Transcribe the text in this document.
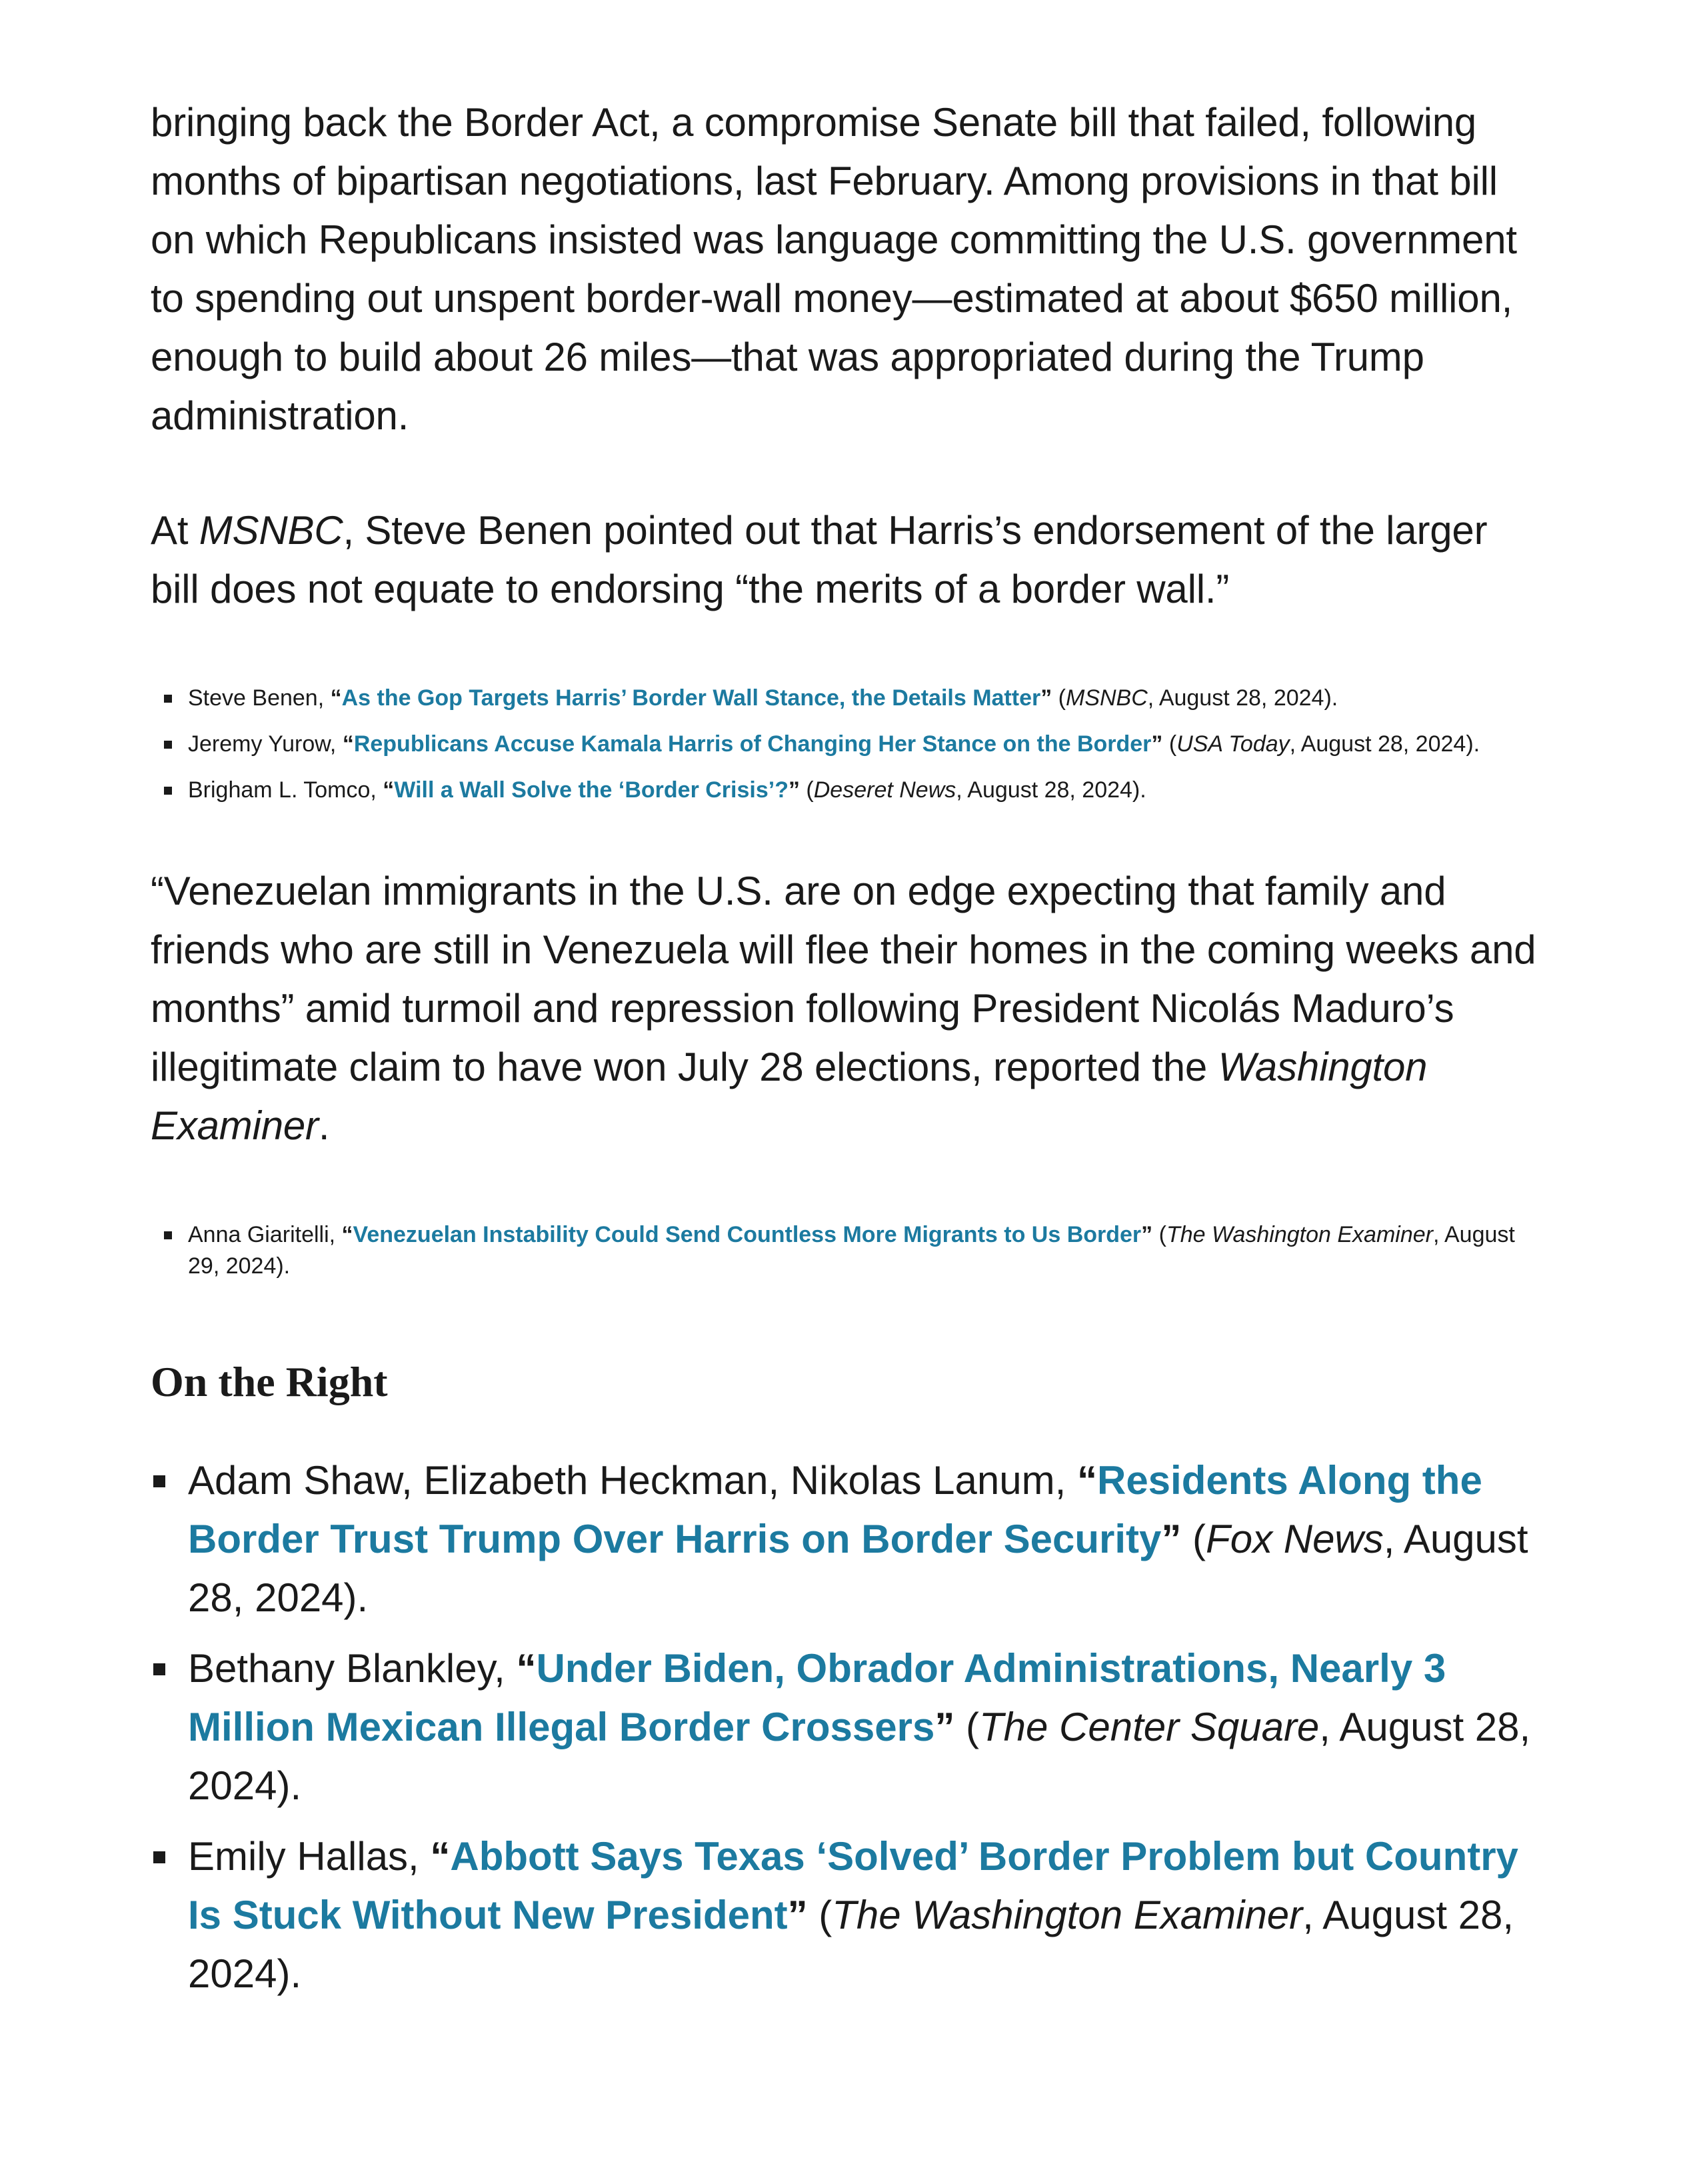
bringing back the Border Act, a compromise Senate bill that failed, following months of bipartisan negotiations, last February. Among provisions in that bill on which Republicans insisted was language committing the U.S. government to spending out unspent border-wall money—estimated at about $650 million, enough to build about 26 miles—that was appropriated during the Trump administration.

At MSNBC, Steve Benen pointed out that Harris’s endorsement of the larger bill does not equate to endorsing “the merits of a border wall.”

Steve Benen, “As the Gop Targets Harris’ Border Wall Stance, the Details Matter” (MSNBC, August 28, 2024).
Jeremy Yurow, “Republicans Accuse Kamala Harris of Changing Her Stance on the Border” (USA Today, August 28, 2024).
Brigham L. Tomco, “Will a Wall Solve the ‘Border Crisis’?” (Deseret News, August 28, 2024).

“Venezuelan immigrants in the U.S. are on edge expecting that family and friends who are still in Venezuela will flee their homes in the coming weeks and months” amid turmoil and repression following President Nicolás Maduro’s illegitimate claim to have won July 28 elections, reported the Washington Examiner.

Anna Giaritelli, “Venezuelan Instability Could Send Countless More Migrants to Us Border” (The Washington Examiner, August 29, 2024).
On the Right
Adam Shaw, Elizabeth Heckman, Nikolas Lanum, “Residents Along the Border Trust Trump Over Harris on Border Security” (Fox News, August 28, 2024).
Bethany Blankley, “Under Biden, Obrador Administrations, Nearly 3 Million Mexican Illegal Border Crossers” (The Center Square, August 28, 2024).
Emily Hallas, “Abbott Says Texas ‘Solved’ Border Problem but Country Is Stuck Without New President” (The Washington Examiner, August 28, 2024).
